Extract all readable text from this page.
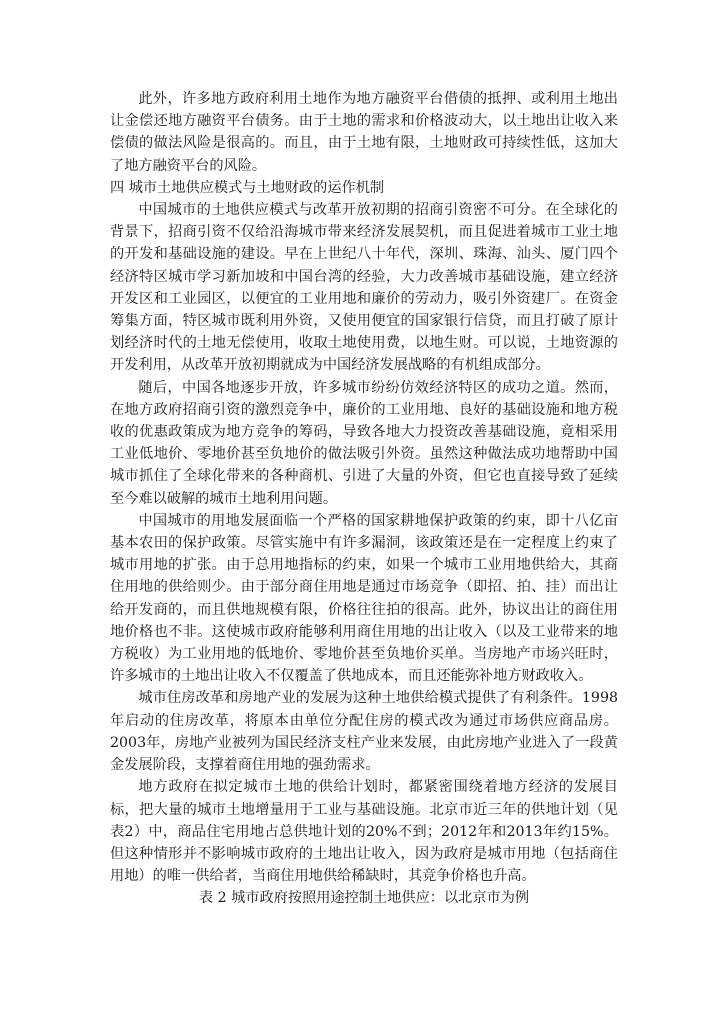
此外，许多地方政府利用土地作为地方融资平台借债的抵押、或利用土地出让金偿还地方融资平台债务。由于土地的需求和价格波动大，以土地出让收入来偿债的做法风险是很高的。而且，由于土地有限，土地财政可持续性低，这加大了地方融资平台的风险。

四 城市土地供应模式与土地财政的运作机制

中国城市的土地供应模式与改革开放初期的招商引资密不可分。在全球化的背景下，招商引资不仅给沿海城市带来经济发展契机，而且促进着城市工业土地的开发和基础设施的建设。早在上世纪八十年代，深圳、珠海、汕头、厦门四个经济特区城市学习新加坡和中国台湾的经验，大力改善城市基础设施，建立经济开发区和工业园区，以便宜的工业用地和廉价的劳动力，吸引外资建厂。在资金筹集方面，特区城市既利用外资，又使用便宜的国家银行信贷，而且打破了原计划经济时代的土地无偿使用，收取土地使用费，以地生财。可以说，土地资源的开发利用，从改革开放初期就成为中国经济发展战略的有机组成部分。

随后，中国各地逐步开放，许多城市纷纷仿效经济特区的成功之道。然而，在地方政府招商引资的激烈竞争中，廉价的工业用地、良好的基础设施和地方税收的优惠政策成为地方竞争的筹码，导致各地大力投资改善基础设施，竟相采用工业低地价、零地价甚至负地价的做法吸引外资。虽然这种做法成功地帮助中国城市抓住了全球化带来的各种商机、引进了大量的外资，但它也直接导致了延续至今难以破解的城市土地利用问题。

中国城市的用地发展面临一个严格的国家耕地保护政策的约束，即十八亿亩基本农田的保护政策。尽管实施中有许多漏洞，该政策还是在一定程度上约束了城市用地的扩张。由于总用地指标的约束，如果一个城市工业用地供给大，其商住用地的供给则少。由于部分商住用地是通过市场竞争（即招、拍、挂）而出让给开发商的，而且供地规模有限，价格往往拍的很高。此外，协议出让的商住用地价格也不非。这使城市政府能够利用商住用地的出让收入（以及工业带来的地方税收）为工业用地的低地价、零地价甚至负地价买单。当房地产市场兴旺时，许多城市的土地出让收入不仅覆盖了供地成本，而且还能弥补地方财政收入。

城市住房改革和房地产业的发展为这种土地供给模式提供了有利条件。1998年启动的住房改革，将原本由单位分配住房的模式改为通过市场供应商品房。2003年，房地产业被列为国民经济支柱产业来发展，由此房地产业进入了一段黄金发展阶段，支撑着商住用地的强劲需求。

地方政府在拟定城市土地的供给计划时，都紧密围绕着地方经济的发展目标，把大量的城市土地增量用于工业与基础设施。北京市近三年的供地计划（见表2）中，商品住宅用地占总供地计划的20%不到；2012年和2013年约15%。但这种情形并不影响城市政府的土地出让收入，因为政府是城市用地（包括商住用地）的唯一供给者，当商住用地供给稀缺时，其竞争价格也升高。

表 2 城市政府按照用途控制土地供应：以北京市为例
